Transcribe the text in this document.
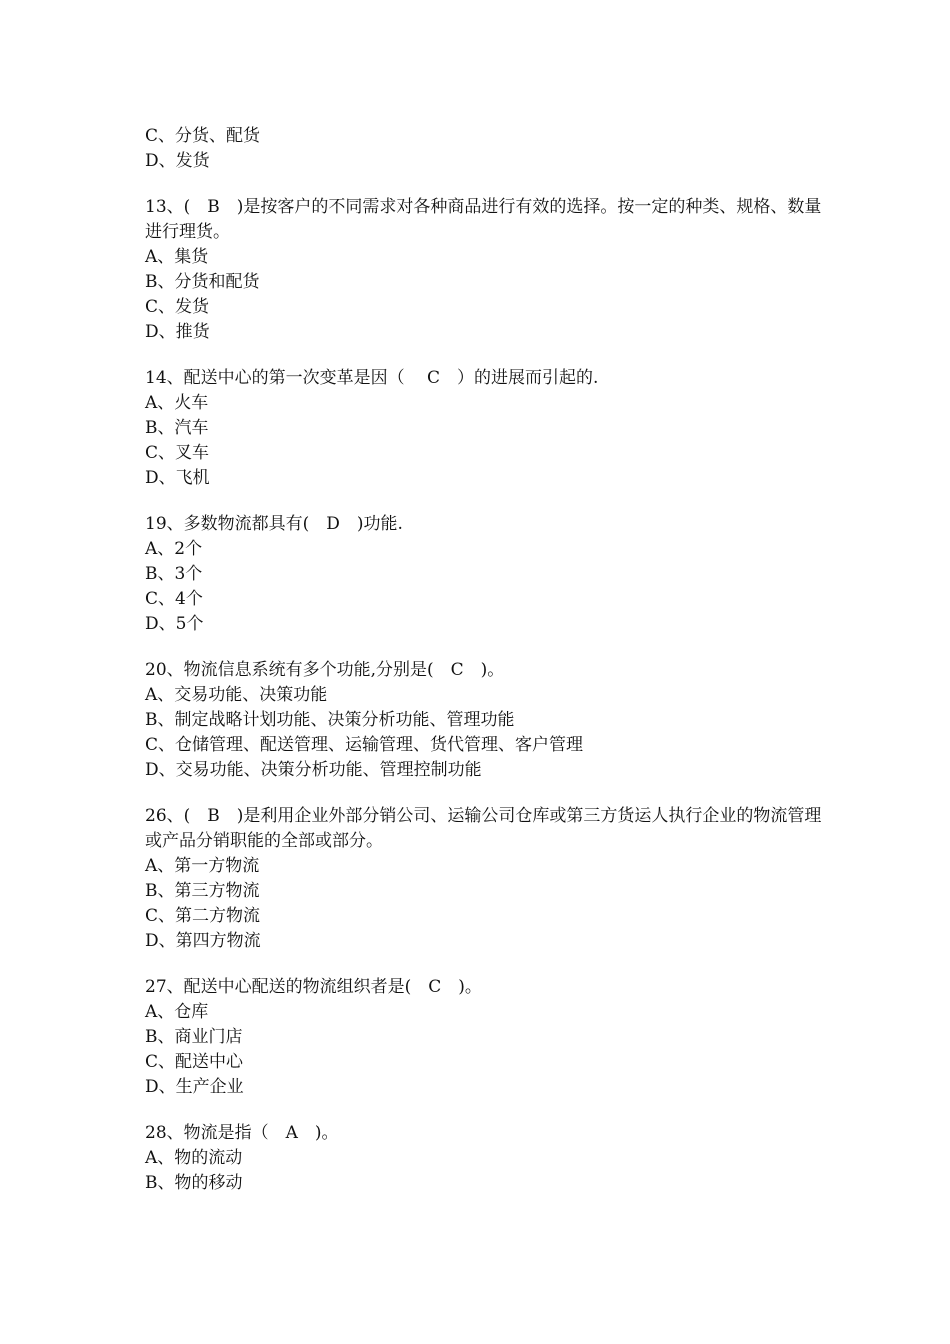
C、分货、配货
D、发货
13、(　B　)是按客户的不同需求对各种商品进行有效的选择。按一定的种类、规格、数量进行理货。
A、集货
B、分货和配货
C、发货
D、推货
14、配送中心的第一次变革是因（　 C　）的进展而引起的.
A、火车
B、汽车
C、叉车
D、飞机
19、多数物流都具有(　D　)功能.
A、2个
B、3个
C、4个
D、5个
20、物流信息系统有多个功能,分别是(　C　)。
A、交易功能、决策功能
B、制定战略计划功能、决策分析功能、管理功能
C、仓储管理、配送管理、运输管理、货代管理、客户管理
D、交易功能、决策分析功能、管理控制功能
26、(　B　)是利用企业外部分销公司、运输公司仓库或第三方货运人执行企业的物流管理或产品分销职能的全部或部分。
A、第一方物流
B、第三方物流
C、第二方物流
D、第四方物流
27、配送中心配送的物流组织者是(　C　)。
A、仓库
B、商业门店
C、配送中心
D、生产企业
28、物流是指（　A　)。
A、物的流动
B、物的移动
